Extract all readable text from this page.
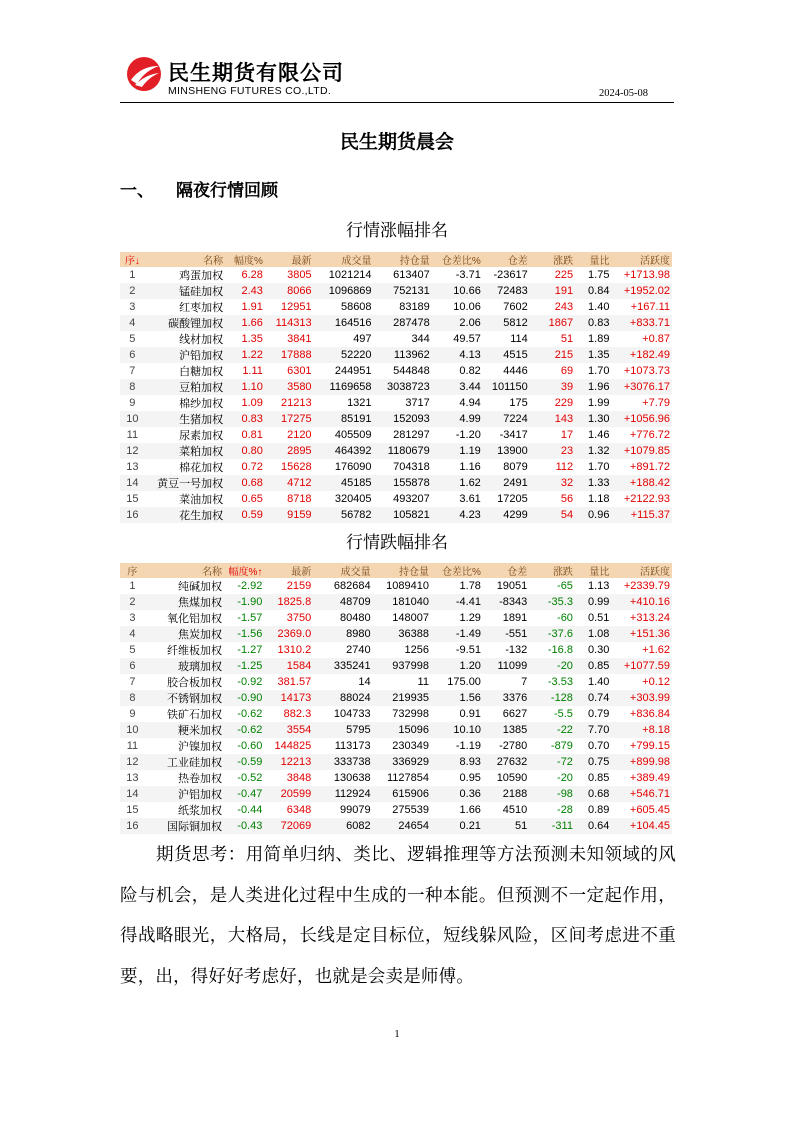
民生期货有限公司
MINSHENG FUTURES CO.,LTD.	2024-05-08
民生期货晨会
一、 隔夜行情回顾
行情涨幅排名
序↓	名称	幅度%	最新	成交量	持仓量	仓差比%	仓差	涨跌	量比	活跃度
1	鸡蛋加权	6.28	3805	1021214	613407	-3.71	-23617	225	1.75	+1713.98
2	锰硅加权	2.43	8066	1096869	752131	10.66	72483	191	0.84	+1952.02
3	红枣加权	1.91	12951	58608	83189	10.06	7602	243	1.40	+167.11
4	碳酸锂加权	1.66	114313	164516	287478	2.06	5812	1867	0.83	+833.71
5	线材加权	1.35	3841	497	344	49.57	114	51	1.89	+0.87
6	沪铅加权	1.22	17888	52220	113962	4.13	4515	215	1.35	+182.49
7	白糖加权	1.11	6301	244951	544848	0.82	4446	69	1.70	+1073.73
8	豆粕加权	1.10	3580	1169658	3038723	3.44	101150	39	1.96	+3076.17
9	棉纱加权	1.09	21213	1321	3717	4.94	175	229	1.99	+7.79
10	生猪加权	0.83	17275	85191	152093	4.99	7224	143	1.30	+1056.96
11	尿素加权	0.81	2120	405509	281297	-1.20	-3417	17	1.46	+776.72
12	菜粕加权	0.80	2895	464392	1180679	1.19	13900	23	1.32	+1079.85
13	棉花加权	0.72	15628	176090	704318	1.16	8079	112	1.70	+891.72
14	黄豆一号加权	0.68	4712	45185	155878	1.62	2491	32	1.33	+188.42
15	菜油加权	0.65	8718	320405	493207	3.61	17205	56	1.18	+2122.93
16	花生加权	0.59	9159	56782	105821	4.23	4299	54	0.96	+115.37
行情跌幅排名
序	名称	幅度%↑	最新	成交量	持仓量	仓差比%	仓差	涨跌	量比	活跃度
1	纯碱加权	-2.92	2159	682684	1089410	1.78	19051	-65	1.13	+2339.79
2	焦煤加权	-1.90	1825.8	48709	181040	-4.41	-8343	-35.3	0.99	+410.16
3	氧化铝加权	-1.57	3750	80480	148007	1.29	1891	-60	0.51	+313.24
4	焦炭加权	-1.56	2369.0	8980	36388	-1.49	-551	-37.6	1.08	+151.36
5	纤维板加权	-1.27	1310.2	2740	1256	-9.51	-132	-16.8	0.30	+1.62
6	玻璃加权	-1.25	1584	335241	937998	1.20	11099	-20	0.85	+1077.59
7	胶合板加权	-0.92	381.57	14	11	175.00	7	-3.53	1.40	+0.12
8	不锈钢加权	-0.90	14173	88024	219935	1.56	3376	-128	0.74	+303.99
9	铁矿石加权	-0.62	882.3	104733	732998	0.91	6627	-5.5	0.79	+836.84
10	粳米加权	-0.62	3554	5795	15096	10.10	1385	-22	7.70	+8.18
11	沪镍加权	-0.60	144825	113173	230349	-1.19	-2780	-879	0.70	+799.15
12	工业硅加权	-0.59	12213	333738	336929	8.93	27632	-72	0.75	+899.98
13	热卷加权	-0.52	3848	130638	1127854	0.95	10590	-20	0.85	+389.49
14	沪铝加权	-0.47	20599	112924	615906	0.36	2188	-98	0.68	+546.71
15	纸浆加权	-0.44	6348	99079	275539	1.66	4510	-28	0.89	+605.45
16	国际铜加权	-0.43	72069	6082	24654	0.21	51	-311	0.64	+104.45
期货思考：用简单归纳、类比、逻辑推理等方法预测未知领域的风险与机会，是人类进化过程中生成的一种本能。但预测不一定起作用，得战略眼光，大格局，长线是定目标位，短线躲风险，区间考虑进不重要，出，得好好考虑好，也就是会卖是师傅。
1
